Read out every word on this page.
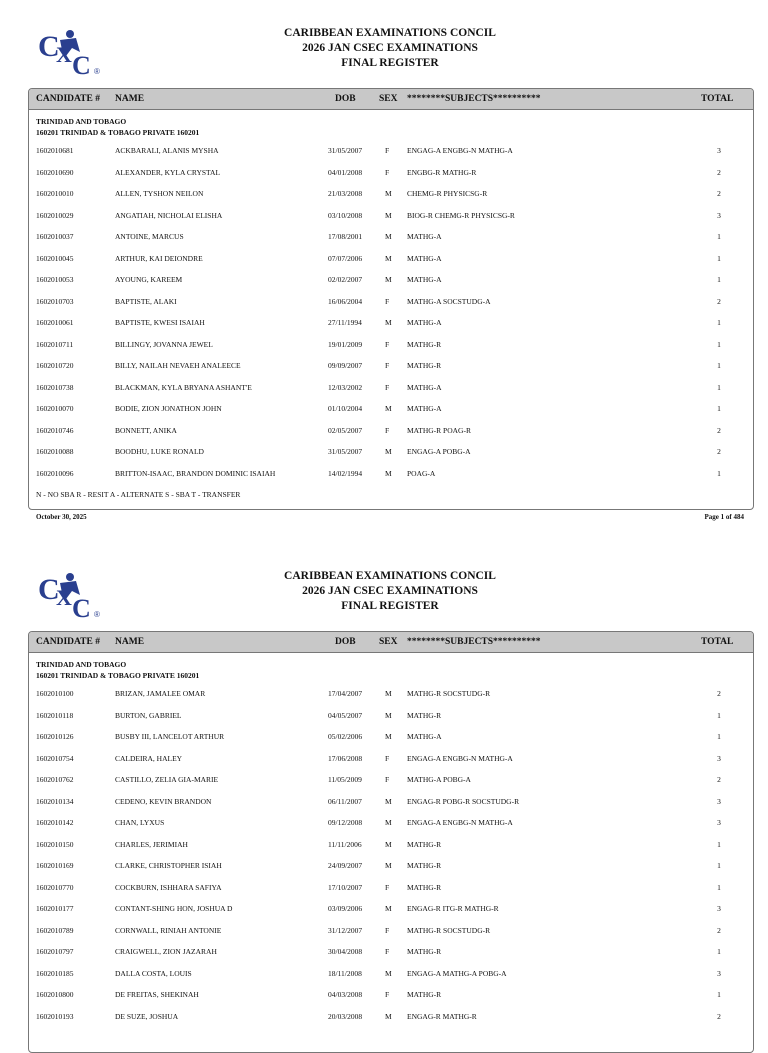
C
X C ®
CARIBBEAN EXAMINATIONS CONCIL
2026 JAN CSEC EXAMINATIONS
FINAL REGISTER
CANDIDATE # NAME	DOB SEX ********SUBJECTS**********	TOTAL
TRINIDAD AND TOBAGO
160201 TRINIDAD & TOBAGO PRIVATE 160201
1602010681	ACKBARALI, ALANIS MYSHA	31/05/2007	F ENGAG-A ENGBG-N MATHG-A	3
1602010690	ALEXANDER, KYLA CRYSTAL	04/01/2008	F ENGBG-R MATHG-R	2
1602010010	ALLEN, TYSHON NEILON	21/03/2008	M CHEMG-R PHYSICSG-R	2
1602010029	ANGATIAH, NICHOLAI ELISHA	03/10/2008	M BIOG-R CHEMG-R PHYSICSG-R	3
1602010037	ANTOINE, MARCUS	17/08/2001	M MATHG-A	1
1602010045	ARTHUR, KAI DEIONDRE	07/07/2006	M MATHG-A	1
1602010053	AYOUNG, KAREEM	02/02/2007	M MATHG-A	1
1602010703	BAPTISTE, ALAKI	16/06/2004	F MATHG-A SOCSTUDG-A	2
1602010061	BAPTISTE, KWESI ISAIAH	27/11/1994	M MATHG-A	1
1602010711	BILLINGY, JOVANNA JEWEL	19/01/2009	F MATHG-R	1
1602010720	BILLY, NAILAH NEVAEH ANALEECE	09/09/2007	F MATHG-R	1
1602010738	BLACKMAN, KYLA BRYANA ASHANT'E	12/03/2002	F MATHG-A	1
1602010070	BODIE, ZION JONATHON JOHN	01/10/2004	M MATHG-A	1
1602010746	BONNETT, ANIKA	02/05/2007	F MATHG-R POAG-R	2
1602010088	BOODHU, LUKE RONALD	31/05/2007	M ENGAG-A POBG-A	2
1602010096	BRITTON-ISAAC, BRANDON DOMINIC ISAIAH	14/02/1994	M POAG-A	1
N - NO SBA R - RESIT A - ALTERNATE S - SBA T - TRANSFER
October 30, 2025	Page 1 of 484
C
X C ®
CARIBBEAN EXAMINATIONS CONCIL
2026 JAN CSEC EXAMINATIONS
FINAL REGISTER
CANDIDATE # NAME	DOB SEX ********SUBJECTS**********	TOTAL
TRINIDAD AND TOBAGO
160201 TRINIDAD & TOBAGO PRIVATE 160201
1602010100	BRIZAN, JAMALEE OMAR	17/04/2007	M MATHG-R SOCSTUDG-R	2
1602010118	BURTON, GABRIEL	04/05/2007	M MATHG-R	1
1602010126	BUSBY III, LANCELOT ARTHUR	05/02/2006	M MATHG-A	1
1602010754	CALDEIRA, HALEY	17/06/2008	F ENGAG-A ENGBG-N MATHG-A	3
1602010762	CASTILLO, ZELIA GIA-MARIE	11/05/2009	F MATHG-A POBG-A	2
1602010134	CEDENO, KEVIN BRANDON	06/11/2007	M ENGAG-R POBG-R SOCSTUDG-R	3
1602010142	CHAN, LYXUS	09/12/2008	M ENGAG-A ENGBG-N MATHG-A	3
1602010150	CHARLES, JERIMIAH	11/11/2006	M MATHG-R	1
1602010169	CLARKE, CHRISTOPHER ISIAH	24/09/2007	M MATHG-R	1
1602010770	COCKBURN, ISHHARA SAFIYA	17/10/2007	F MATHG-R	1
1602010177	CONTANT-SHING HON, JOSHUA D	03/09/2006	M ENGAG-R ITG-R MATHG-R	3
1602010789	CORNWALL, RINIAH ANTONIE	31/12/2007	F MATHG-R SOCSTUDG-R	2
1602010797	CRAIGWELL, ZION JAZARAH	30/04/2008	F MATHG-R	1
1602010185	DALLA COSTA, LOUIS	18/11/2008	M ENGAG-A MATHG-A POBG-A	3
1602010800	DE FREITAS, SHEKINAH	04/03/2008	F MATHG-R	1
1602010193	DE SUZE, JOSHUA	20/03/2008	M ENGAG-R MATHG-R	2
